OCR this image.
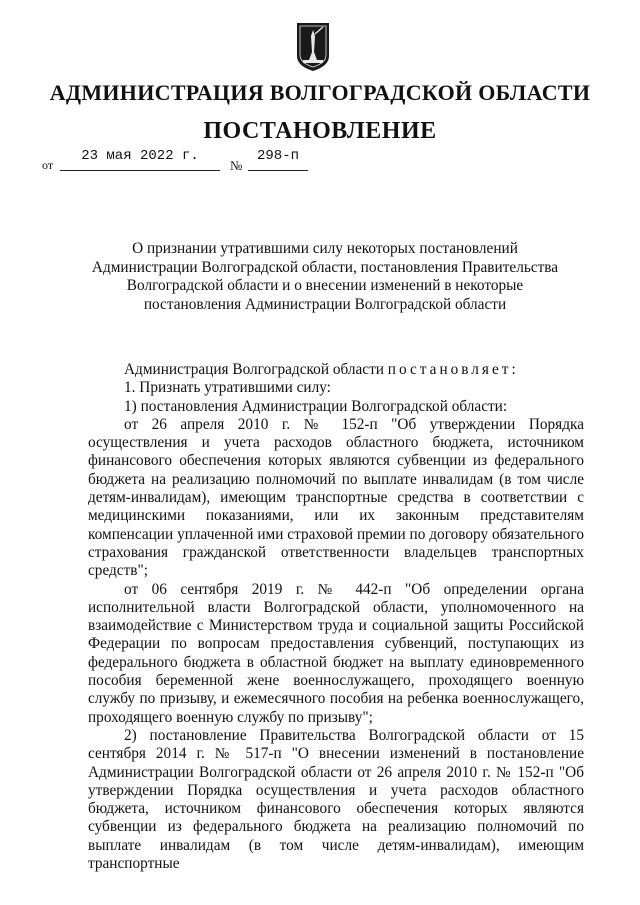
АДМИНИСТРАЦИЯ ВОЛГОГРАДСКОЙ ОБЛАСТИ
ПОСТАНОВЛЕНИЕ
от
23 мая 2022 г.
№
298-п
О признании утратившими силу некоторых постановлений Администрации Волгоградской области, постановления Правительства Волгоградской области и о внесении изменений в некоторые постановления Администрации Волгоградской области

Администрация Волгоградской области постановляет:

1. Признать утратившими силу:

1) постановления Администрации Волгоградской области:

от 26 апреля 2010 г. № 152-п "Об утверждении Порядка осуществления и учета расходов областного бюджета, источником финансового обеспечения которых являются субвенции из федерального бюджета на реализацию полномочий по выплате инвалидам (в том числе детям-инвалидам), имеющим транспортные средства в соответствии с медицинскими показаниями, или их законным представителям компенсации уплаченной ими страховой премии по договору обязательного страхования гражданской ответственности владельцев транспортных средств";

от 06 сентября 2019 г. № 442-п "Об определении органа исполнительной власти Волгоградской области, уполномоченного на взаимодействие с Министерством труда и социальной защиты Российской Федерации по вопросам предоставления субвенций, поступающих из федерального бюджета в областной бюджет на выплату единовременного пособия беременной жене военнослужащего, проходящего военную службу по призыву, и ежемесячного пособия на ребенка военнослужащего, проходящего военную службу по призыву";

2) постановление Правительства Волгоградской области от 15 сентября 2014 г. № 517-п "О внесении изменений в постановление Администрации Волгоградской области от 26 апреля 2010 г. № 152-п "Об утверждении Порядка осуществления и учета расходов областного бюджета, источником финансового обеспечения которых являются субвенции из федерального бюджета на реализацию полномочий по выплате инвалидам (в том числе детям-инвалидам), имеющим транспортные
